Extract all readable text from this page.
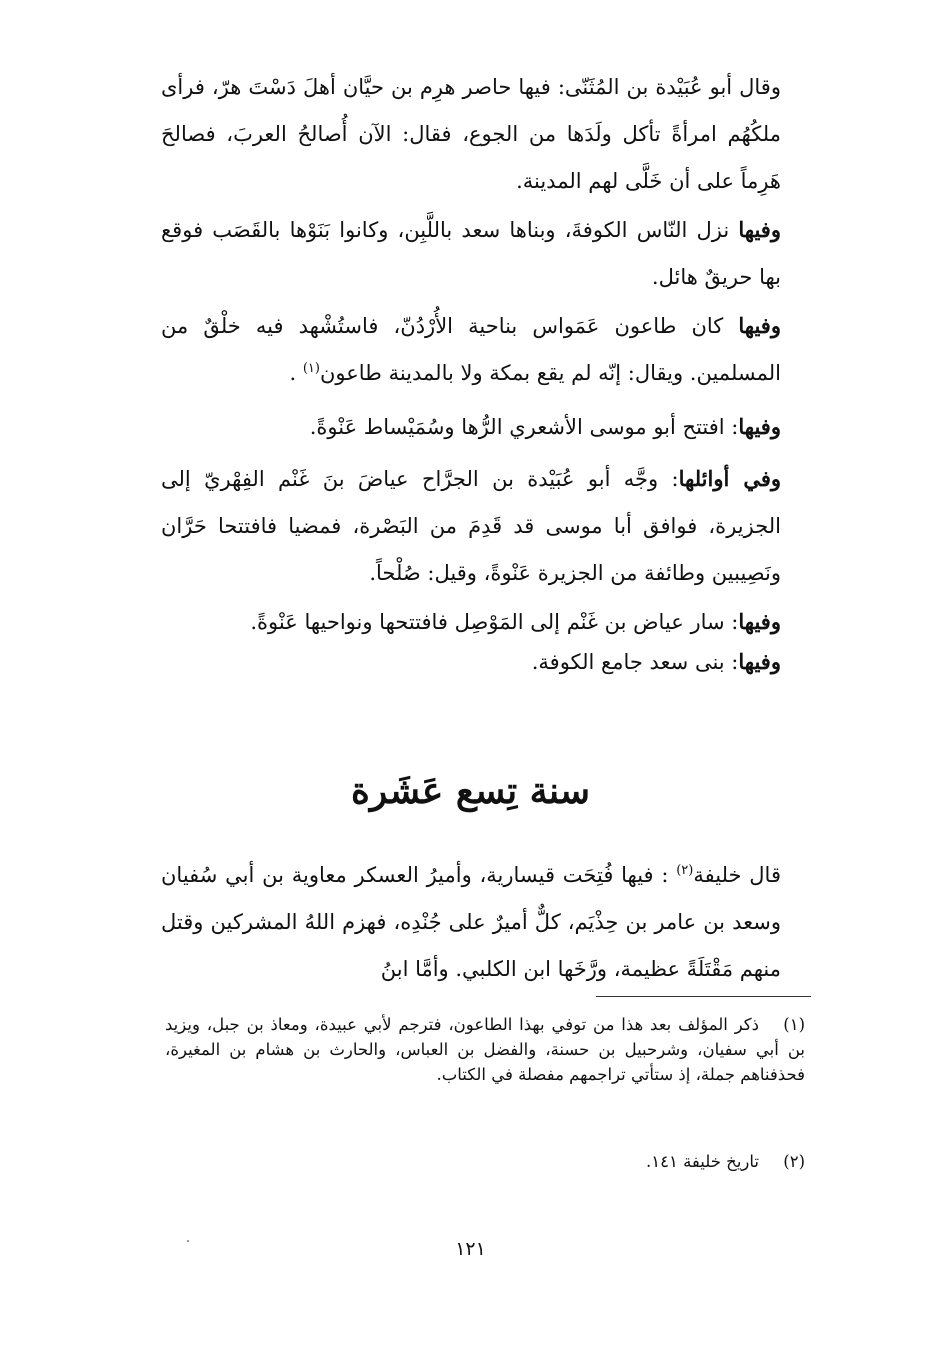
وقال أبو عُبَيْدة بن المُثَنّى: فيها حاصر هرِم بن حيَّان أهلَ دَسْتَ هرّ، فرأى ملكُهُم امرأةً تأكل ولَدَها من الجوع، فقال: الآن أُصالحُ العربَ، فصالحَ هَرِماً على أن خَلَّى لهم المدينة.

وفيها نزل النّاس الكوفةَ، وبناها سعد باللَّبِن، وكانوا بَنَوْها بالقَصَب فوقع بها حريقٌ هائل.

وفيها كان طاعون عَمَواس بناحية الأُرْدُنّ، فاستُشْهد فيه خلْقٌ من المسلمين. ويقال: إنّه لم يقع بمكة ولا بالمدينة طاعون$^{(١)}$ .

وفيها: افتتح أبو موسى الأشعري الرُّها وسُمَيْساط عَنْوةً.

وفي أوائلها: وجَّه أبو عُبَيْدة بن الجرَّاح عياضَ بنَ غَنْم الفِهْريّ إلى الجزيرة، فوافق أبا موسى قد قَدِمَ من البَصْرة، فمضيا فافتتحا حَرَّان ونَصِيبين وطائفة من الجزيرة عَنْوةً، وقيل: صُلْحاً.

وفيها: سار عياض بن غَنْم إلى المَوْصِل فافتتحها ونواحيها عَنْوةً.

وفيها: بنى سعد جامع الكوفة.

سنة تِسع عَشَرة

قال خليفة$^{(٢)}$ : فيها فُتِحَت قيسارية، وأميرُ العسكر معاوية بن أبي سُفيان وسعد بن عامر بن حِذْيَم، كلٌّ أميرٌ على جُنْدِه، فهزم اللهُ المشركين وقتل منهم مَقْتَلَةً عظيمة، ورَّخَها ابن الكلبي. وأمَّا ابنُ

(١)ذكر المؤلف بعد هذا من توفي بهذا الطاعون، فترجم لأبي عبيدة، ومعاذ بن جبل، ويزيد بن أبي سفيان، وشرحبيل بن حسنة، والفضل بن العباس، والحارث بن هشام بن المغيرة، فحذفناهم جملة، إذ ستأتي تراجمهم مفصلة في الكتاب.

(٢)تاريخ خليفة ١٤١.

١٢١
